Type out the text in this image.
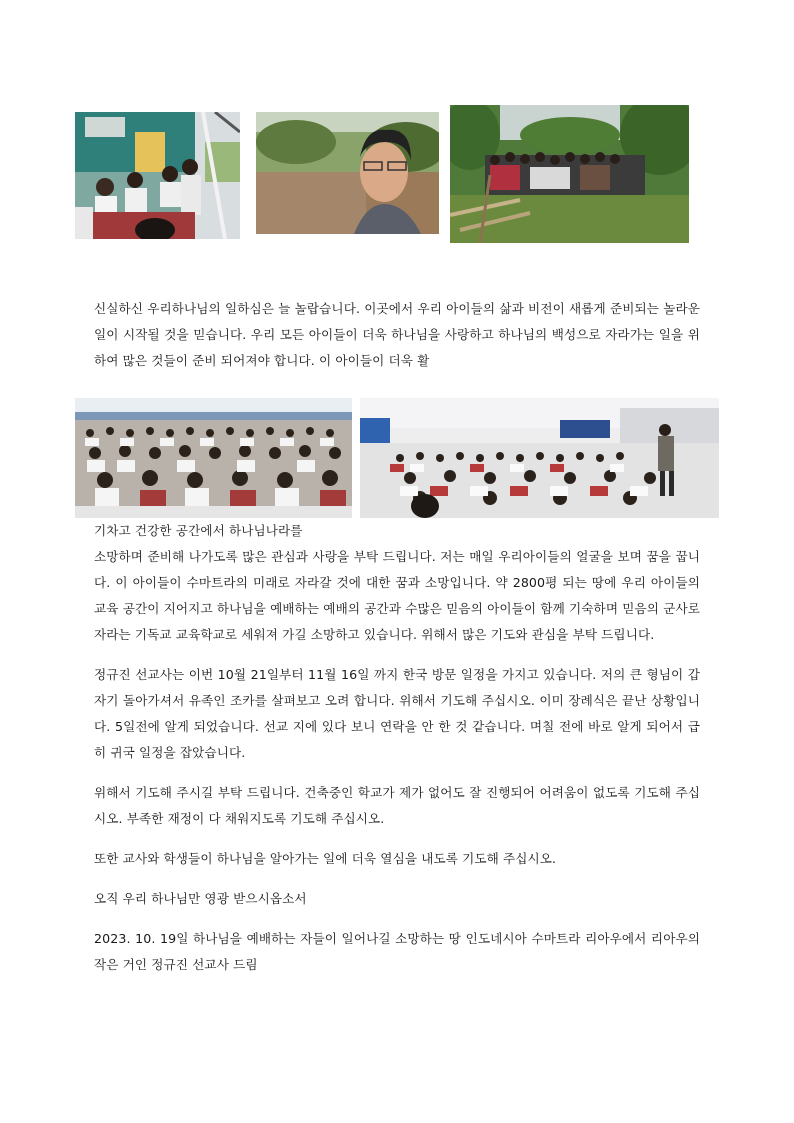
신실하신 우리하나님의 일하심은 늘 놀랍습니다. 이곳에서 우리 아이들의 삶과 비전이 새롭게 준비되는 놀라운 일이 시작될 것을 믿습니다. 우리 모든 아이들이 더욱 하나님을 사랑하고 하나님의 백성으로 자라가는 일을 위하여 많은 것들이 준비 되어져야 합니다. 이 아이들이 더욱 활

기차고 건강한 공간에서 하나님나라를

소망하며 준비해 나가도록 많은 관심과 사랑을 부탁 드립니다. 저는 매일 우리아이들의 얼굴을 보며 꿈을 꿉니다. 이 아이들이 수마트라의 미래로 자라갈 것에 대한 꿈과 소망입니다. 약 2800평 되는 땅에 우리 아이들의 교육 공간이 지어지고 하나님을 예배하는 예배의 공간과 수많은 믿음의 아이들이 함께 기숙하며 믿음의 군사로 자라는 기독교 교육학교로 세워져 가길 소망하고 있습니다. 위해서 많은 기도와 관심을 부탁 드립니다.

정규진 선교사는 이번 10월 21일부터 11월 16일 까지 한국 방문 일정을 가지고 있습니다. 저의 큰 형님이 갑자기 돌아가셔서 유족인 조카를 살펴보고 오려 합니다. 위해서 기도해 주십시오. 이미 장례식은 끝난 상황입니다. 5일전에 알게 되었습니다. 선교 지에 있다 보니 연락을 안 한 것 같습니다. 며칠 전에 바로 알게 되어서 급히 귀국 일정을 잡았습니다.

위해서 기도해 주시길 부탁 드립니다. 건축중인 학교가 제가 없어도 잘 진행되어 어려움이 없도록 기도해 주십시오. 부족한 재정이 다 채워지도록 기도해 주십시오.

또한 교사와 학생들이 하나님을 알아가는 일에 더욱 열심을 내도록 기도해 주십시오.

오직 우리 하나님만 영광 받으시옵소서

2023. 10. 19일 하나님을 예배하는 자들이 일어나길 소망하는 땅 인도네시아 수마트라 리아우에서 리아우의 작은 거인 정규진 선교사 드림
